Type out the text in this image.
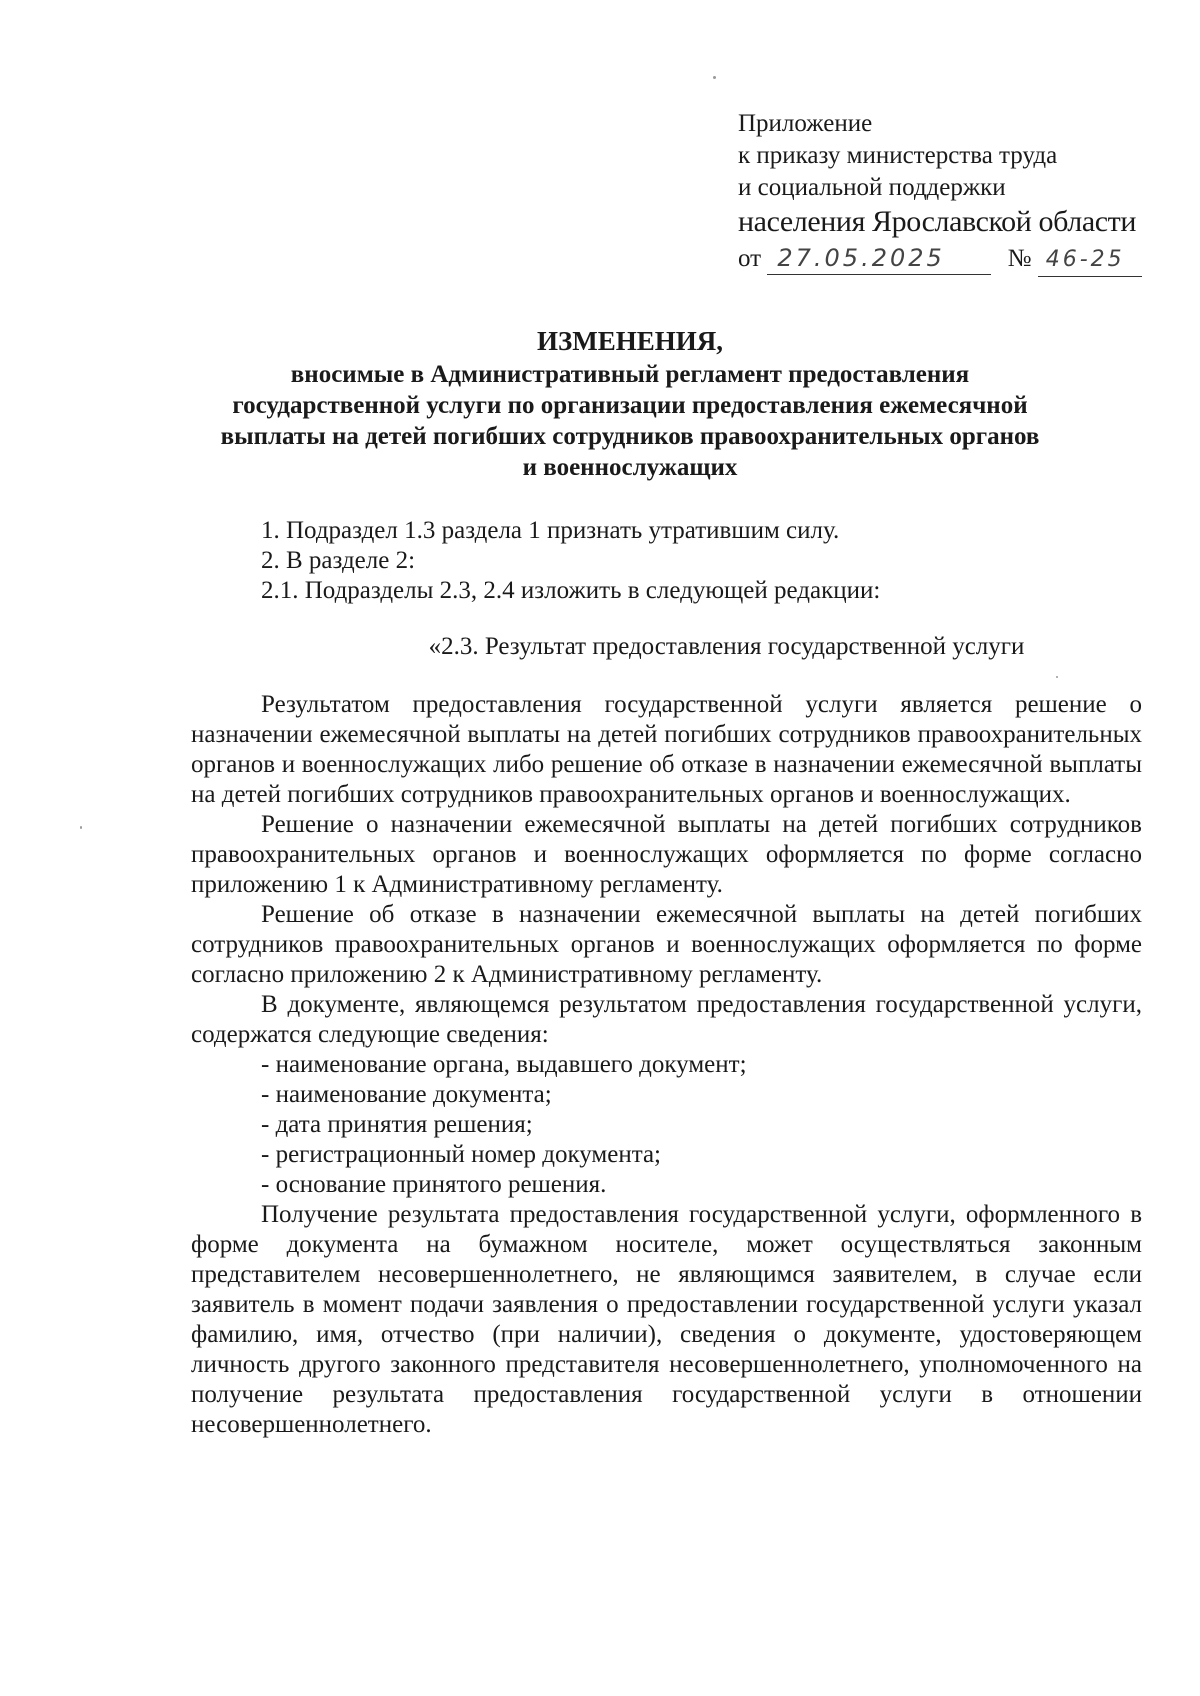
Приложение
к приказу министерства труда
и социальной поддержки
населения Ярославской области
от 27.05.2025	№ 46-25
ИЗМЕНЕНИЯ,
вносимые в Административный регламент предоставления
государственной услуги по организации предоставления ежемесячной
выплаты на детей погибших сотрудников правоохранительных органов
и военнослужащих

1. Подраздел 1.3 раздела 1 признать утратившим силу.

2. В разделе 2:

2.1. Подразделы 2.3, 2.4 изложить в следующей редакции:

«2.3. Результат предоставления государственной услуги

Результатом предоставления государственной услуги является решение о назначении ежемесячной выплаты на детей погибших сотрудников правоохранительных органов и военнослужащих либо решение об отказе в назначении ежемесячной выплаты на детей погибших сотрудников правоохранительных органов и военнослужащих.

Решение о назначении ежемесячной выплаты на детей погибших сотрудников правоохранительных органов и военнослужащих оформляется по форме согласно приложению 1 к Административному регламенту.

Решение об отказе в назначении ежемесячной выплаты на детей погибших сотрудников правоохранительных органов и военнослужащих оформляется по форме согласно приложению 2 к Административному регламенту.

В документе, являющемся результатом предоставления государственной услуги, содержатся следующие сведения:

- наименование органа, выдавшего документ;

- наименование документа;

- дата принятия решения;

- регистрационный номер документа;

- основание принятого решения.

Получение результата предоставления государственной услуги, оформленного в форме документа на бумажном носителе, может осуществляться законным представителем несовершеннолетнего, не являющимся заявителем, в случае если заявитель в момент подачи заявления о предоставлении государственной услуги указал фамилию, имя, отчество (при наличии), сведения о документе, удостоверяющем личность другого законного представителя несовершеннолетнего, уполномоченного на получение результата предоставления государственной услуги в отношении несовершеннолетнего.
